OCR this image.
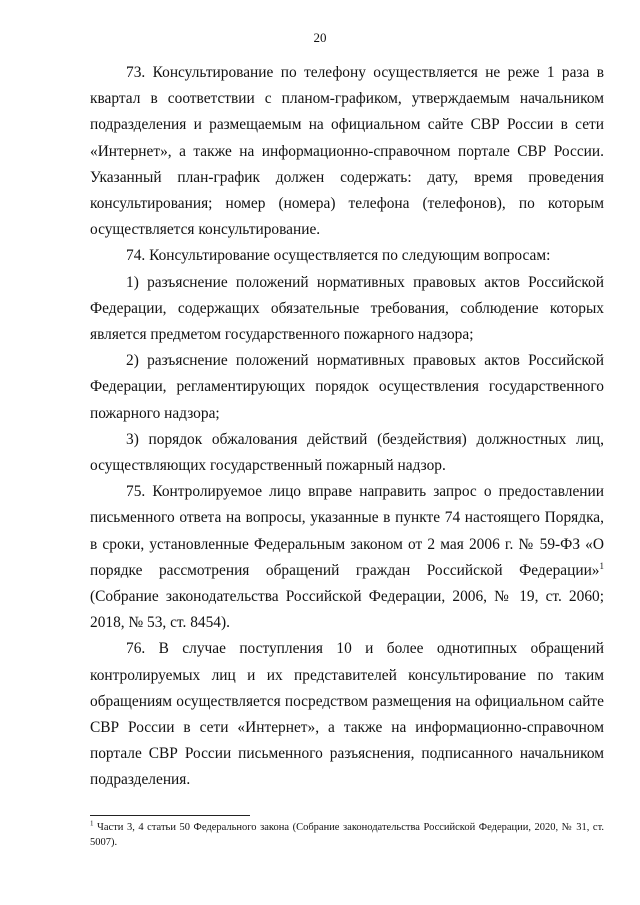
20

73. Консультирование по телефону осуществляется не реже 1 раза в квартал в соответствии с планом-графиком, утверждаемым начальником подразделения и размещаемым на официальном сайте СВР России в сети «Интернет», а также на информационно-справочном портале СВР России. Указанный план-график должен содержать: дату, время проведения консультирования; номер (номера) телефона (телефонов), по которым осуществляется консультирование.

74. Консультирование осуществляется по следующим вопросам:

1) разъяснение положений нормативных правовых актов Российской Федерации, содержащих обязательные требования, соблюдение которых является предметом государственного пожарного надзора;

2) разъяснение положений нормативных правовых актов Российской Федерации, регламентирующих порядок осуществления государственного пожарного надзора;

3) порядок обжалования действий (бездействия) должностных лиц, осуществляющих государственный пожарный надзор.

75. Контролируемое лицо вправе направить запрос о предоставлении письменного ответа на вопросы, указанные в пункте 74 настоящего Порядка, в сроки, установленные Федеральным законом от 2 мая 2006 г. № 59-ФЗ «О порядке рассмотрения обращений граждан Российской Федерации»$^1$ (Собрание законодательства Российской Федерации, 2006, № 19, ст. 2060; 2018, № 53, ст. 8454).

76. В случае поступления 10 и более однотипных обращений контролируемых лиц и их представителей консультирование по таким обращениям осуществляется посредством размещения на официальном сайте СВР России в сети «Интернет», а также на информационно-справочном портале СВР России письменного разъяснения, подписанного начальником подразделения.

$^1$ Части 3, 4 статьи 50 Федерального закона (Собрание законодательства Российской Федерации, 2020, № 31, ст. 5007).
